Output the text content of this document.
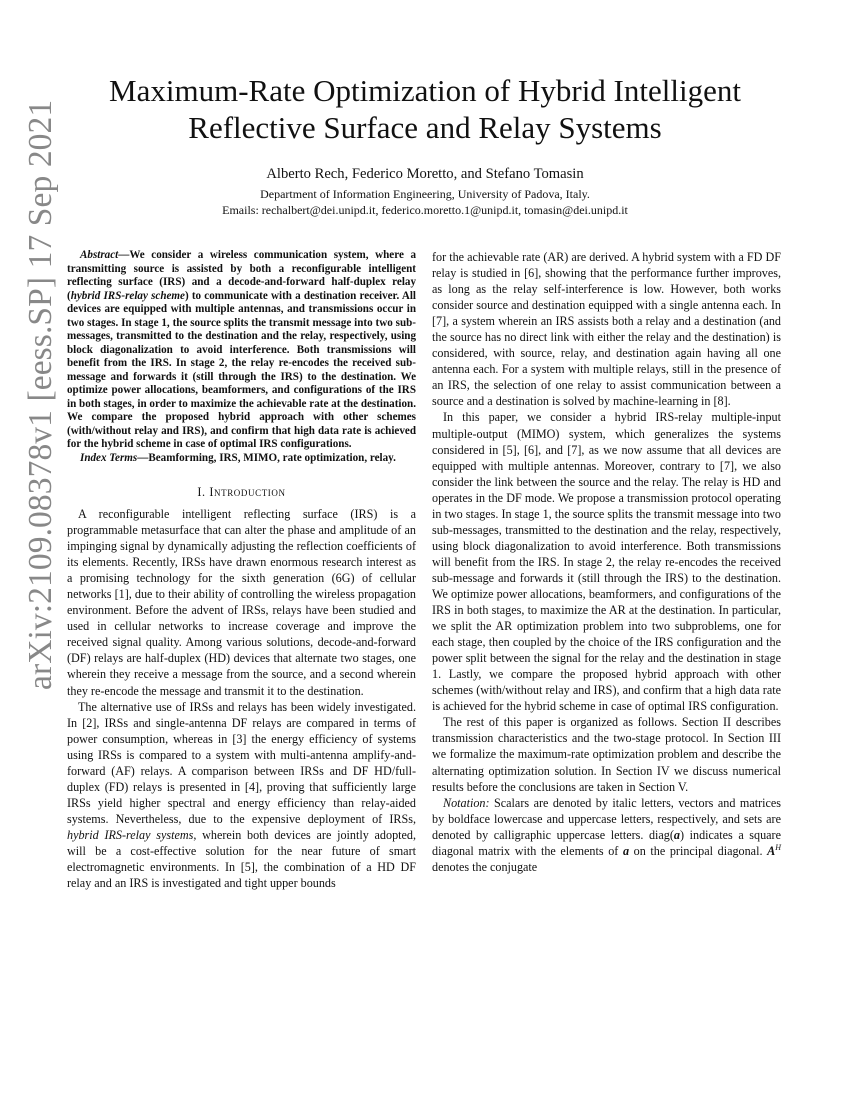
arXiv:2109.08378v1 [eess.SP] 17 Sep 2021
Maximum-Rate Optimization of Hybrid Intelligent
Reflective Surface and Relay Systems

Alberto Rech, Federico Moretto, and Stefano Tomasin

Department of Information Engineering, University of Padova, Italy.

Emails: rechalbert@dei.unipd.it, federico.moretto.1@unipd.it, tomasin@dei.unipd.it

Abstract—We consider a wireless communication system, where a transmitting source is assisted by both a reconfigurable intelligent reflecting surface (IRS) and a decode-and-forward half-duplex relay (hybrid IRS-relay scheme) to communicate with a destination receiver. All devices are equipped with multiple antennas, and transmissions occur in two stages. In stage 1, the source splits the transmit message into two sub-messages, transmitted to the destination and the relay, respectively, using block diagonalization to avoid interference. Both transmissions will benefit from the IRS. In stage 2, the relay re-encodes the received sub-message and forwards it (still through the IRS) to the destination. We optimize power allocations, beamformers, and configurations of the IRS in both stages, in order to maximize the achievable rate at the destination. We compare the proposed hybrid approach with other schemes (with/without relay and IRS), and confirm that high data rate is achieved for the hybrid scheme in case of optimal IRS configurations.

Index Terms—Beamforming, IRS, MIMO, rate optimization, relay.

I. Introduction

A reconfigurable intelligent reflecting surface (IRS) is a programmable metasurface that can alter the phase and amplitude of an impinging signal by dynamically adjusting the reflection coefficients of its elements. Recently, IRSs have drawn enormous research interest as a promising technology for the sixth generation (6G) of cellular networks [1], due to their ability of controlling the wireless propagation environment. Before the advent of IRSs, relays have been studied and used in cellular networks to increase coverage and improve the received signal quality. Among various solutions, decode-and-forward (DF) relays are half-duplex (HD) devices that alternate two stages, one wherein they receive a message from the source, and a second wherein they re-encode the message and transmit it to the destination.

The alternative use of IRSs and relays has been widely investigated. In [2], IRSs and single-antenna DF relays are compared in terms of power consumption, whereas in [3] the energy efficiency of systems using IRSs is compared to a system with multi-antenna amplify-and-forward (AF) relays. A comparison between IRSs and DF HD/full-duplex (FD) relays is presented in [4], proving that sufficiently large IRSs yield higher spectral and energy efficiency than relay-aided systems. Nevertheless, due to the expensive deployment of IRSs, hybrid IRS-relay systems, wherein both devices are jointly adopted, will be a cost-effective solution for the near future of smart electromagnetic environments. In [5], the combination of a HD DF relay and an IRS is investigated and tight upper bounds

for the achievable rate (AR) are derived. A hybrid system with a FD DF relay is studied in [6], showing that the performance further improves, as long as the relay self-interference is low. However, both works consider source and destination equipped with a single antenna each. In [7], a system wherein an IRS assists both a relay and a destination (and the source has no direct link with either the relay and the destination) is considered, with source, relay, and destination again having all one antenna each. For a system with multiple relays, still in the presence of an IRS, the selection of one relay to assist communication between a source and a destination is solved by machine-learning in [8].

In this paper, we consider a hybrid IRS-relay multiple-input multiple-output (MIMO) system, which generalizes the systems considered in [5], [6], and [7], as we now assume that all devices are equipped with multiple antennas. Moreover, contrary to [7], we also consider the link between the source and the relay. The relay is HD and operates in the DF mode. We propose a transmission protocol operating in two stages. In stage 1, the source splits the transmit message into two sub-messages, transmitted to the destination and the relay, respectively, using block diagonalization to avoid interference. Both transmissions will benefit from the IRS. In stage 2, the relay re-encodes the received sub-message and forwards it (still through the IRS) to the destination. We optimize power allocations, beamformers, and configurations of the IRS in both stages, to maximize the AR at the destination. In particular, we split the AR optimization problem into two subproblems, one for each stage, then coupled by the choice of the IRS configuration and the power split between the signal for the relay and the destination in stage 1. Lastly, we compare the proposed hybrid approach with other schemes (with/without relay and IRS), and confirm that a high data rate is achieved for the hybrid scheme in case of optimal IRS configuration.

The rest of this paper is organized as follows. Section II describes transmission characteristics and the two-stage protocol. In Section III we formalize the maximum-rate optimization problem and describe the alternating optimization solution. In Section IV we discuss numerical results before the conclusions are taken in Section V.

Notation: Scalars are denoted by italic letters, vectors and matrices by boldface lowercase and uppercase letters, respectively, and sets are denoted by calligraphic uppercase letters. diag(a) indicates a square diagonal matrix with the elements of a on the principal diagonal. $A^H$ denotes the conjugate
